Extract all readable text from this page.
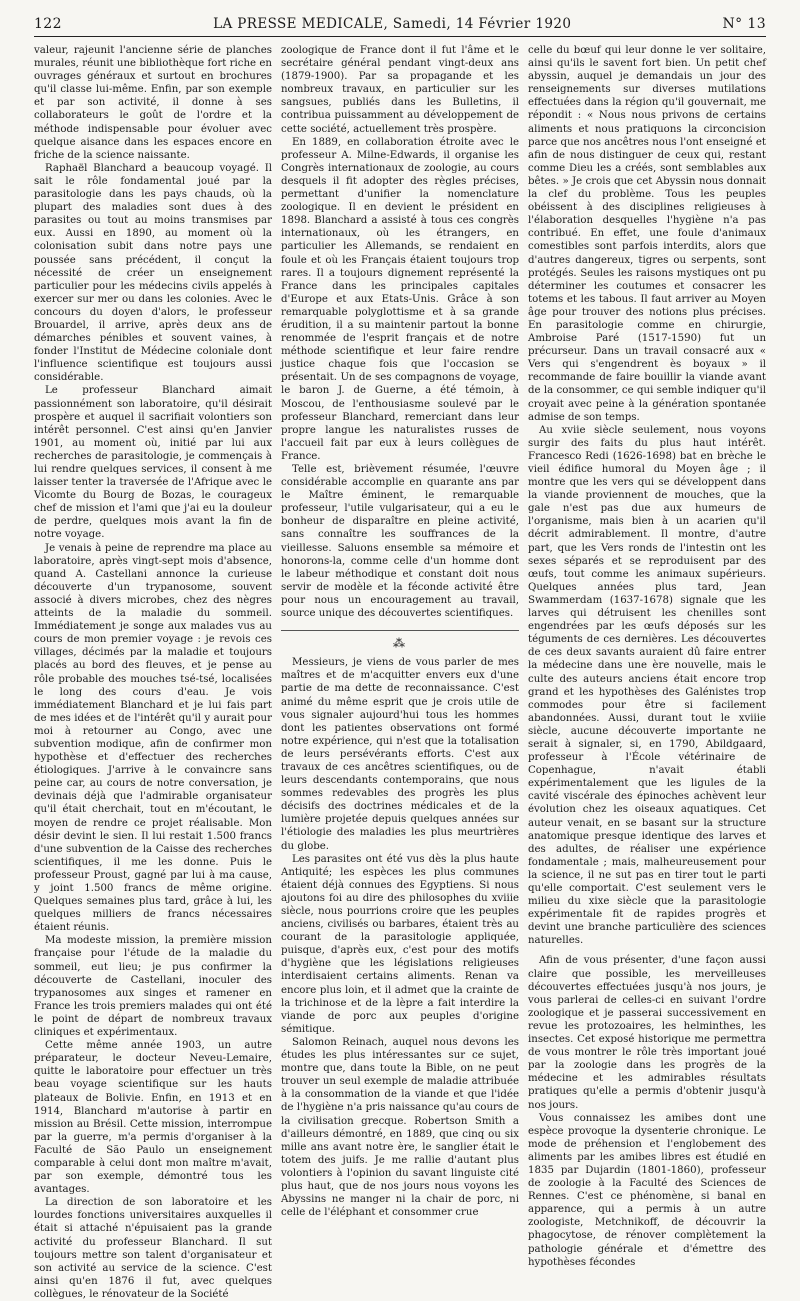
122	LA PRESSE MEDICALE, Samedi, 14 Février 1920	N° 13

valeur, rajeunit l'ancienne série de planches murales, réunit une bibliothèque fort riche en ouvrages généraux et surtout en brochures qu'il classe lui-même. Enfin, par son exemple et par son activité, il donne à ses collaborateurs le goût de l'ordre et la méthode indispensable pour évoluer avec quelque aisance dans les espaces encore en friche de la science naissante.

Raphaël Blanchard a beaucoup voyagé. Il sait le rôle fondamental joué par la parasitologie dans les pays chauds, où la plupart des maladies sont dues à des parasites ou tout au moins transmises par eux. Aussi en 1890, au moment où la colonisation subit dans notre pays une poussée sans précédent, il conçut la nécessité de créer un enseignement particulier pour les médecins civils appelés à exercer sur mer ou dans les colonies. Avec le concours du doyen d'alors, le professeur Brouardel, il arrive, après deux ans de démarches pénibles et souvent vaines, à fonder l'Institut de Médecine coloniale dont l'influence scientifique est toujours aussi considérable.

Le professeur Blanchard aimait passionnément son laboratoire, qu'il désirait prospère et auquel il sacrifiait volontiers son intérêt personnel. C'est ainsi qu'en Janvier 1901, au moment où, initié par lui aux recherches de parasitologie, je commençais à lui rendre quelques services, il consent à me laisser tenter la traversée de l'Afrique avec le Vicomte du Bourg de Bozas, le courageux chef de mission et l'ami que j'ai eu la douleur de perdre, quelques mois avant la fin de notre voyage.

Je venais à peine de reprendre ma place au laboratoire, après vingt-sept mois d'absence, quand A. Castellani annonce la curieuse découverte d'un trypanosome, souvent associé à divers microbes, chez des nègres atteints de la maladie du sommeil. Immédiatement je songe aux malades vus au cours de mon premier voyage : je revois ces villages, décimés par la maladie et toujours placés au bord des fleuves, et je pense au rôle probable des mouches tsé-tsé, localisées le long des cours d'eau. Je vois immédiatement Blanchard et je lui fais part de mes idées et de l'intérêt qu'il y aurait pour moi à retourner au Congo, avec une subvention modique, afin de confirmer mon hypothèse et d'effectuer des recherches étiologiques. J'arrive à le convaincre sans peine car, au cours de notre conversation, je devinais déjà que l'admirable organisateur qu'il était cherchait, tout en m'écoutant, le moyen de rendre ce projet réalisable. Mon désir devint le sien. Il lui restait 1.500 francs d'une subvention de la Caisse des recherches scientifiques, il me les donne. Puis le professeur Proust, gagné par lui à ma cause, y joint 1.500 francs de même origine. Quelques semaines plus tard, grâce à lui, les quelques milliers de francs nécessaires étaient réunis.

Ma modeste mission, la première mission française pour l'étude de la maladie du sommeil, eut lieu; je pus confirmer la découverte de Castellani, inoculer des trypanosomes aux singes et ramener en France les trois premiers malades qui ont été le point de départ de nombreux travaux cliniques et expérimentaux.

Cette même année 1903, un autre préparateur, le docteur Neveu-Lemaire, quitte le laboratoire pour effectuer un très beau voyage scientifique sur les hauts plateaux de Bolivie. Enfin, en 1913 et en 1914, Blanchard m'autorise à partir en mission au Brésil. Cette mission, interrompue par la guerre, m'a permis d'organiser à la Faculté de São Paulo un enseignement comparable à celui dont mon maître m'avait, par son exemple, démontré tous les avantages.

La direction de son laboratoire et les lourdes fonctions universitaires auxquelles il était si attaché n'épuisaient pas la grande activité du professeur Blanchard. Il sut toujours mettre son talent d'organisateur et son activité au service de la science. C'est ainsi qu'en 1876 il fut, avec quelques collègues, le rénovateur de la Société

zoologique de France dont il fut l'âme et le secrétaire général pendant vingt-deux ans (1879-1900). Par sa propagande et les nombreux travaux, en particulier sur les sangsues, publiés dans les Bulletins, il contribua puissamment au développement de cette société, actuellement très prospère.

En 1889, en collaboration étroite avec le professeur A. Milne-Edwards, il organise les Congrès internationaux de zoologie, au cours desquels il fit adopter des règles précises, permettant d'unifier la nomenclature zoologique. Il en devient le président en 1898. Blanchard a assisté à tous ces congrès internationaux, où les étrangers, en particulier les Allemands, se rendaient en foule et où les Français étaient toujours trop rares. Il a toujours dignement représenté la France dans les principales capitales d'Europe et aux Etats-Unis. Grâce à son remarquable polyglottisme et à sa grande érudition, il a su maintenir partout la bonne renommée de l'esprit français et de notre méthode scientifique et leur faire rendre justice chaque fois que l'occasion se présentait. Un de ses compagnons de voyage, le baron J. de Guerne, a été témoin, à Moscou, de l'enthousiasme soulevé par le professeur Blanchard, remerciant dans leur propre langue les naturalistes russes de l'accueil fait par eux à leurs collègues de France.

Telle est, brièvement résumée, l'œuvre considérable accomplie en quarante ans par le Maître éminent, le remarquable professeur, l'utile vulgarisateur, qui a eu le bonheur de disparaître en pleine activité, sans connaître les souffrances de la vieillesse. Saluons ensemble sa mémoire et honorons-la, comme celle d'un homme dont le labeur méthodique et constant doit nous servir de modèle et la féconde activité être pour nous un encouragement au travail, source unique des découvertes scientifiques.

⁂

Messieurs, je viens de vous parler de mes maîtres et de m'acquitter envers eux d'une partie de ma dette de reconnaissance. C'est animé du même esprit que je crois utile de vous signaler aujourd'hui tous les hommes dont les patientes observations ont formé notre expérience, qui n'est que la totalisation de leurs persévérants efforts. C'est aux travaux de ces ancêtres scientifiques, ou de leurs descendants contemporains, que nous sommes redevables des progrès les plus décisifs des doctrines médicales et de la lumière projetée depuis quelques années sur l'étiologie des maladies les plus meurtrières du globe.

Les parasites ont été vus dès la plus haute Antiquité; les espèces les plus communes étaient déjà connues des Egyptiens. Si nous ajoutons foi au dire des philosophes du xviiie siècle, nous pourrions croire que les peuples anciens, civilisés ou barbares, étaient très au courant de la parasitologie appliquée, puisque, d'après eux, c'est pour des motifs d'hygiène que les législations religieuses interdisaient certains aliments. Renan va encore plus loin, et il admet que la crainte de la trichinose et de la lèpre a fait interdire la viande de porc aux peuples d'origine sémitique.

Salomon Reinach, auquel nous devons les études les plus intéressantes sur ce sujet, montre que, dans toute la Bible, on ne peut trouver un seul exemple de maladie attribuée à la consommation de la viande et que l'idée de l'hygiène n'a pris naissance qu'au cours de la civilisation grecque. Robertson Smith a d'ailleurs démontré, en 1889, que cinq ou six mille ans avant notre ère, le sanglier était le totem des juifs. Je me rallie d'autant plus volontiers à l'opinion du savant linguiste cité plus haut, que de nos jours nous voyons les Abyssins ne manger ni la chair de porc, ni celle de l'éléphant et consommer crue

celle du bœuf qui leur donne le ver solitaire, ainsi qu'ils le savent fort bien. Un petit chef abyssin, auquel je demandais un jour des renseignements sur diverses mutilations effectuées dans la région qu'il gouvernait, me répondit : « Nous nous privons de certains aliments et nous pratiquons la circoncision parce que nos ancêtres nous l'ont enseigné et afin de nous distinguer de ceux qui, restant comme Dieu les a créés, sont semblables aux bêtes. » Je crois que cet Abyssin nous donnait la clef du problème. Tous les peuples obéissent à des disciplines religieuses à l'élaboration desquelles l'hygiène n'a pas contribué. En effet, une foule d'animaux comestibles sont parfois interdits, alors que d'autres dangereux, tigres ou serpents, sont protégés. Seules les raisons mystiques ont pu déterminer les coutumes et consacrer les totems et les tabous. Il faut arriver au Moyen âge pour trouver des notions plus précises. En parasitologie comme en chirurgie, Ambroise Paré (1517-1590) fut un précurseur. Dans un travail consacré aux « Vers qui s'engendrent ès boyaux » il recommande de faire bouillir la viande avant de la consommer, ce qui semble indiquer qu'il croyait avec peine à la génération spontanée admise de son temps.

Au xviie siècle seulement, nous voyons surgir des faits du plus haut intérêt. Francesco Redi (1626-1698) bat en brèche le vieil édifice humoral du Moyen âge ; il montre que les vers qui se développent dans la viande proviennent de mouches, que la gale n'est pas due aux humeurs de l'organisme, mais bien à un acarien qu'il décrit admirablement. Il montre, d'autre part, que les Vers ronds de l'intestin ont les sexes séparés et se reproduisent par des œufs, tout comme les animaux supérieurs. Quelques années plus tard, Jean Swammerdam (1637-1678) signale que les larves qui détruisent les chenilles sont engendrées par les œufs déposés sur les téguments de ces dernières. Les découvertes de ces deux savants auraient dû faire entrer la médecine dans une ère nouvelle, mais le culte des auteurs anciens était encore trop grand et les hypothèses des Galénistes trop commodes pour être si facilement abandonnées. Aussi, durant tout le xviiie siècle, aucune découverte importante ne serait à signaler, si, en 1790, Abildgaard, professeur à l'École vétérinaire de Copenhague, n'avait établi expérimentalement que les ligules de la cavité viscérale des épinoches achèvent leur évolution chez les oiseaux aquatiques. Cet auteur venait, en se basant sur la structure anatomique presque identique des larves et des adultes, de réaliser une expérience fondamentale ; mais, malheureusement pour la science, il ne sut pas en tirer tout le parti qu'elle comportait. C'est seulement vers le milieu du xixe siècle que la parasitologie expérimentale fit de rapides progrès et devint une branche particulière des sciences naturelles.

Afin de vous présenter, d'une façon aussi claire que possible, les merveilleuses découvertes effectuées jusqu'à nos jours, je vous parlerai de celles-ci en suivant l'ordre zoologique et je passerai successivement en revue les protozoaires, les helminthes, les insectes. Cet exposé historique me permettra de vous montrer le rôle très important joué par la zoologie dans les progrès de la médecine et les admirables résultats pratiques qu'elle a permis d'obtenir jusqu'à nos jours.

Vous connaissez les amibes dont une espèce provoque la dysenterie chronique. Le mode de préhension et l'englobement des aliments par les amibes libres est étudié en 1835 par Dujardin (1801-1860), professeur de zoologie à la Faculté des Sciences de Rennes. C'est ce phénomène, si banal en apparence, qui a permis à un autre zoologiste, Metchnikoff, de découvrir la phagocytose, de rénover complètement la pathologie générale et d'émettre des hypothèses fécondes
